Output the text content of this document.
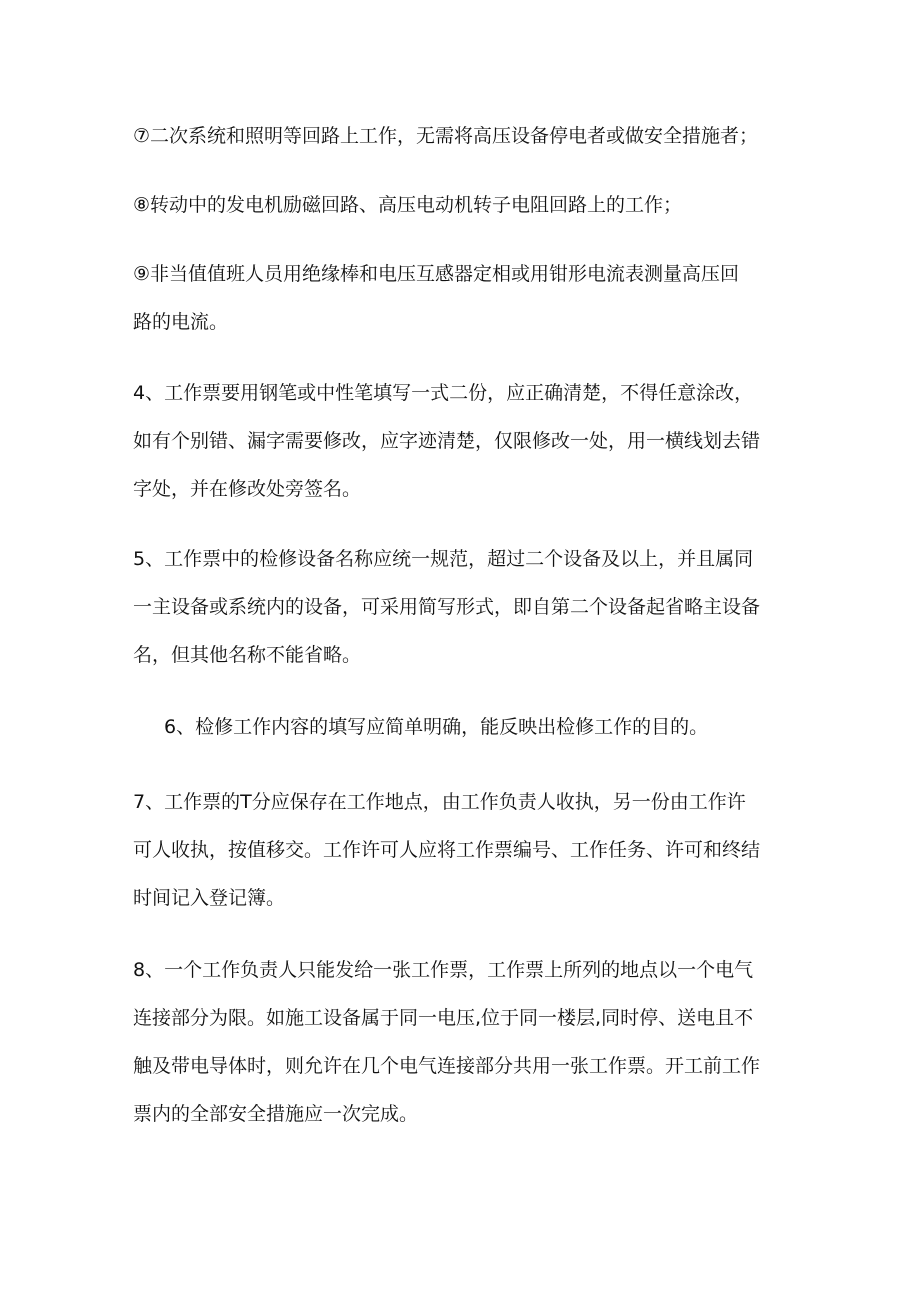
⑦二次系统和照明等回路上工作，无需将高压设备停电者或做安全措施者；

⑧转动中的发电机励磁回路、高压电动机转子电阻回路上的工作；

⑨非当值值班人员用绝缘棒和电压互感器定相或用钳形电流表测量高压回
路的电流。

4、工作票要用钢笔或中性笔填写一式二份，应正确清楚，不得任意涂改，
如有个别错、漏字需要修改，应字迹清楚，仅限修改一处，用一横线划去错
字处，并在修改处旁签名。

5、工作票中的检修设备名称应统一规范，超过二个设备及以上，并且属同
一主设备或系统内的设备，可采用简写形式，即自第二个设备起省略主设备
名，但其他名称不能省略。

6、检修工作内容的填写应简单明确，能反映出检修工作的目的。

7、工作票的T分应保存在工作地点，由工作负责人收执，另一份由工作许
可人收执，按值移交。工作许可人应将工作票编号、工作任务、许可和终结
时间记入登记簿。

8、一个工作负责人只能发给一张工作票，工作票上所列的地点以一个电气
连接部分为限。如施工设备属于同一电压,位于同一楼层,同时停、送电且不
触及带电导体时，则允许在几个电气连接部分共用一张工作票。开工前工作
票内的全部安全措施应一次完成。
